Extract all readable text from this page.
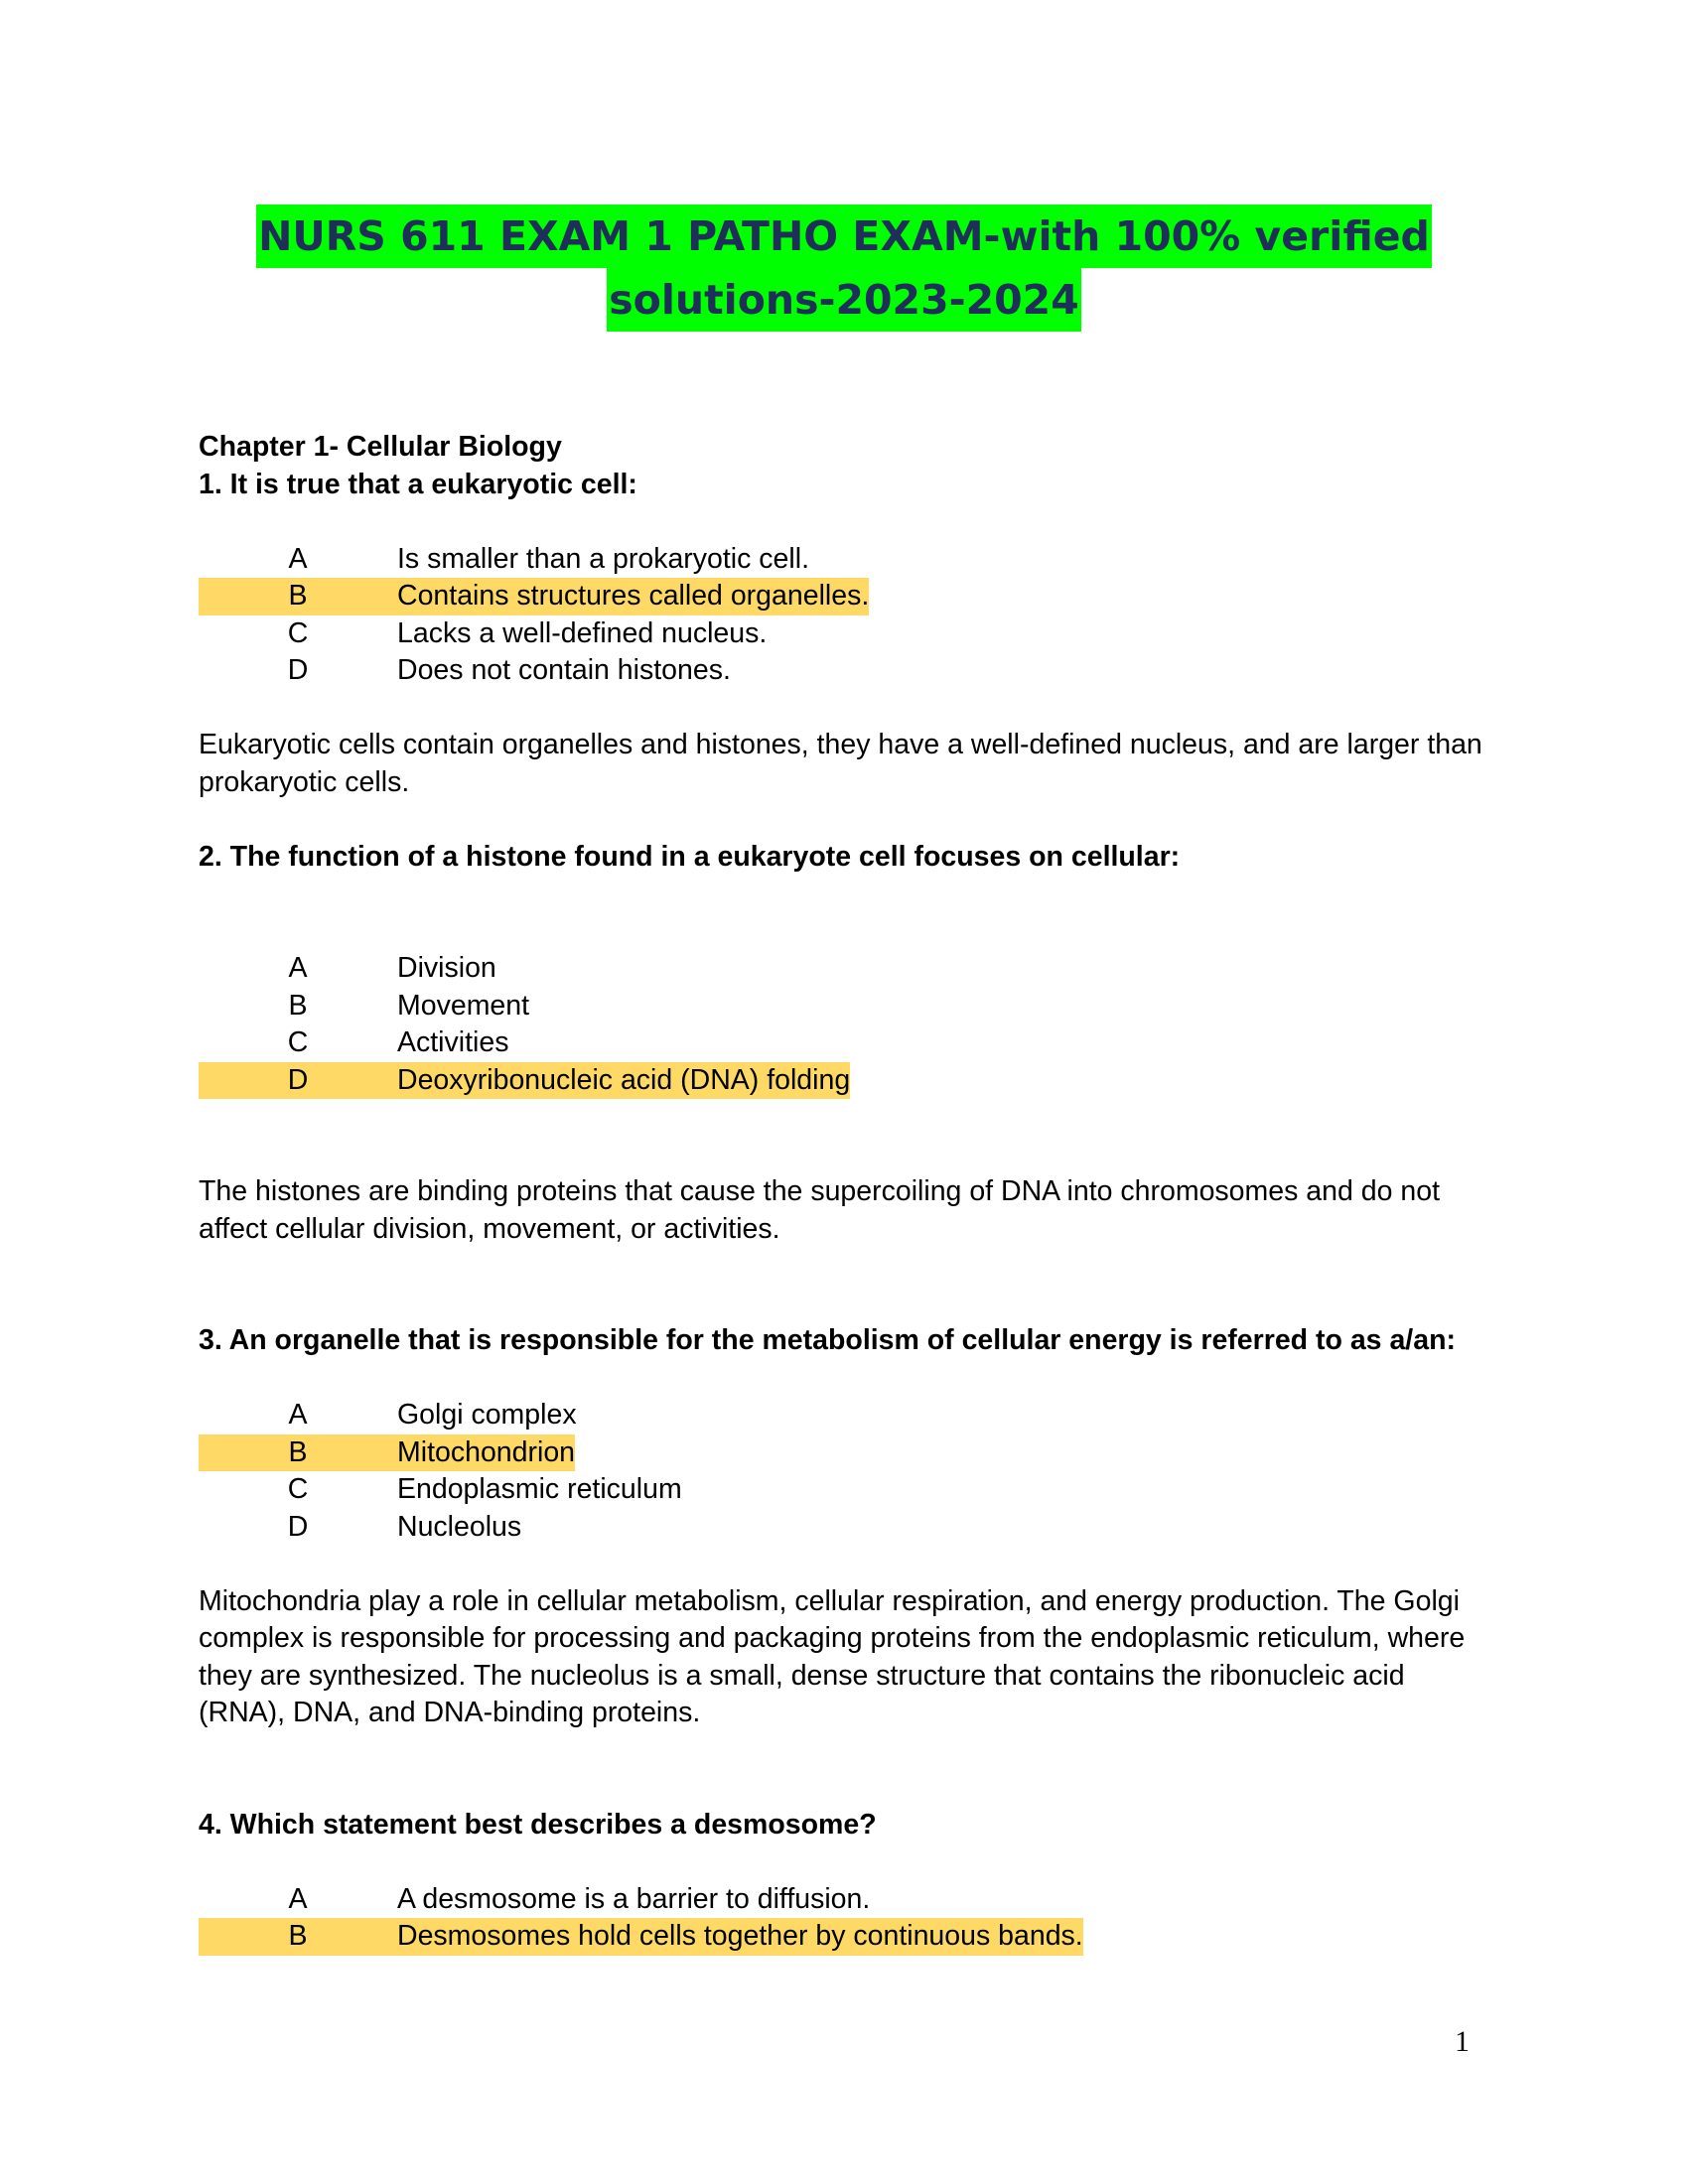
NURS 611 EXAM 1 PATHO EXAM-with 100% verified
solutions-2023-2024

Chapter 1- Cellular Biology

1. It is true that a eukaryotic cell:

A	Is smaller than a prokaryotic cell.
B	Contains structures called organelles.
C	Lacks a well-defined nucleus.
D	Does not contain histones.

Eukaryotic cells contain organelles and histones, they have a well-defined nucleus, and are larger than prokaryotic cells.

2. The function of a histone found in a eukaryote cell focuses on cellular:

A	Division
B	Movement
C	Activities
D	Deoxyribonucleic acid (DNA) folding

The histones are binding proteins that cause the supercoiling of DNA into chromosomes and do not affect cellular division, movement, or activities.

3. An organelle that is responsible for the metabolism of cellular energy is referred to as a/an:

A	Golgi complex
B	Mitochondrion
C	Endoplasmic reticulum
D	Nucleolus

Mitochondria play a role in cellular metabolism, cellular respiration, and energy production. The Golgi complex is responsible for processing and packaging proteins from the endoplasmic reticulum, where they are synthesized. The nucleolus is a small, dense structure that contains the ribonucleic acid (RNA), DNA, and DNA-binding proteins.

4. Which statement best describes a desmosome?

A	A desmosome is a barrier to diffusion.
B	Desmosomes hold cells together by continuous bands.
1
